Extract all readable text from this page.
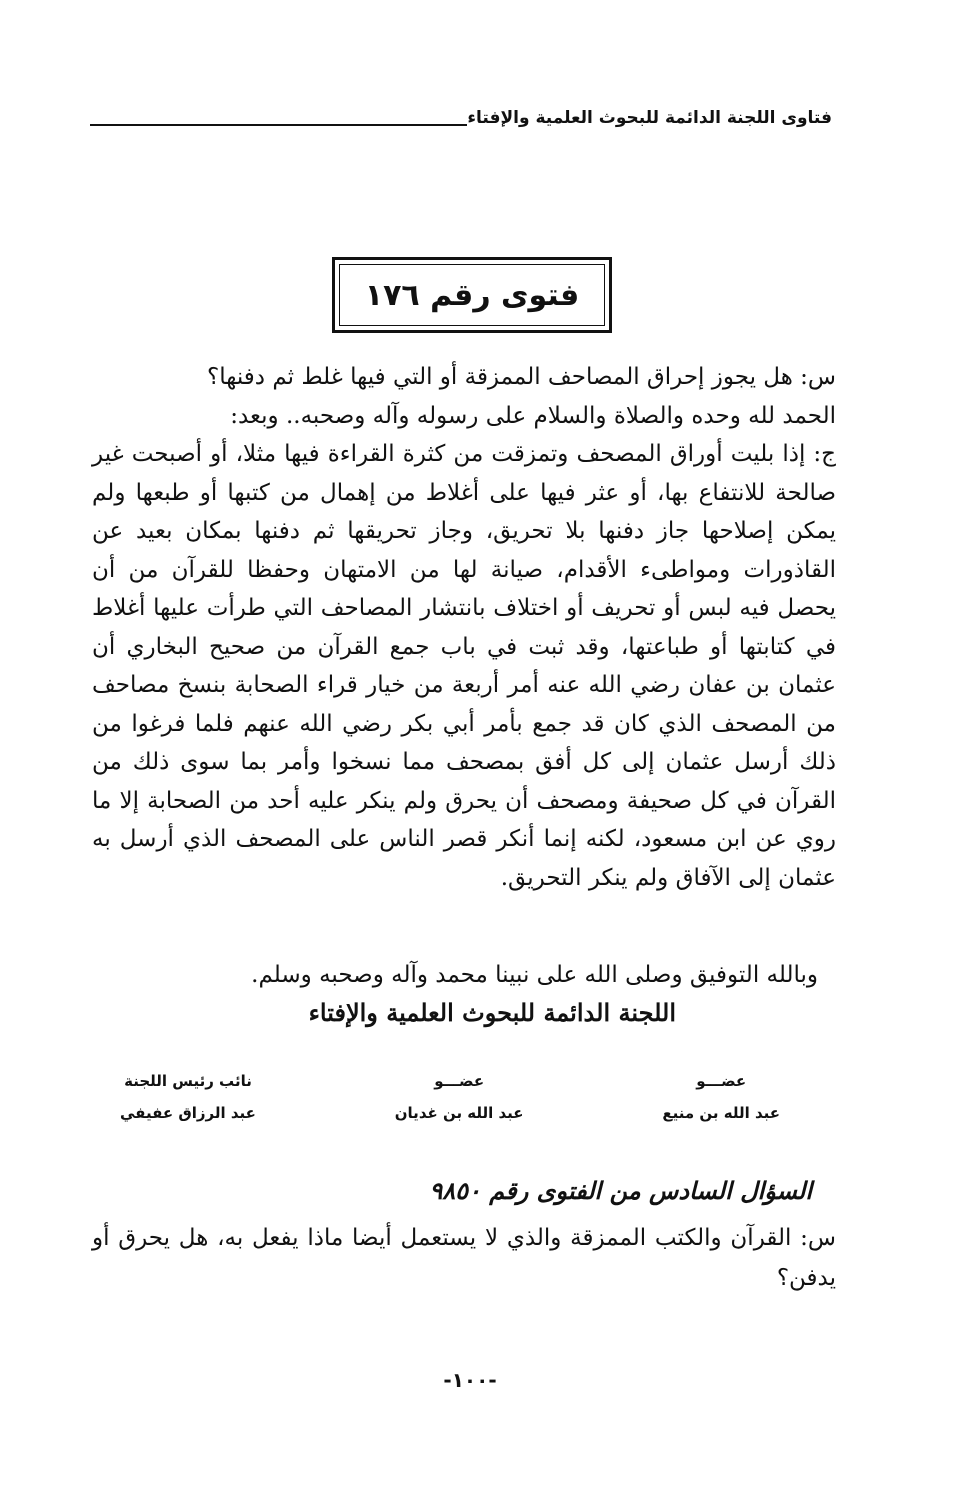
فتاوى اللجنة الدائمة للبحوث العلمية والإفتاء
فتوى رقم ١٧٦

س: هل يجوز إحراق المصاحف الممزقة أو التي فيها غلط ثم دفنها؟

الحمد لله وحده والصلاة والسلام على رسوله وآله وصحبه.. وبعد:

ج: إذا بليت أوراق المصحف وتمزقت من كثرة القراءة فيها مثلا، أو أصبحت غير صالحة للانتفاع بها، أو عثر فيها على أغلاط من إهمال من كتبها أو طبعها ولم يمكن إصلاحها جاز دفنها بلا تحريق، وجاز تحريقها ثم دفنها بمكان بعيد عن القاذورات ومواطىء الأقدام، صيانة لها من الامتهان وحفظا للقرآن من أن يحصل فيه لبس أو تحريف أو اختلاف بانتشار المصاحف التي طرأت عليها أغلاط في كتابتها أو طباعتها، وقد ثبت في باب جمع القرآن من صحيح البخاري أن عثمان بن عفان رضي الله عنه أمر أربعة من خيار قراء الصحابة بنسخ مصاحف من المصحف الذي كان قد جمع بأمر أبي بكر رضي الله عنهم فلما فرغوا من ذلك أرسل عثمان إلى كل أفق بمصحف مما نسخوا وأمر بما سوى ذلك من القرآن في كل صحيفة ومصحف أن يحرق ولم ينكر عليه أحد من الصحابة إلا ما روي عن ابن مسعود، لكنه إنما أنكر قصر الناس على المصحف الذي أرسل به عثمان إلى الآفاق ولم ينكر التحريق.

وبالله التوفيق وصلى الله على نبينا محمد وآله وصحبه وسلم.
اللجنة الدائمة للبحوث العلمية والإفتاء
عضـــو
عبد الله بن منيع
عضـــو
عبد الله بن غديان
نائب رئيس اللجنة
عبد الرزاق عفيفي
السؤال السادس من الفتوى رقم ٩٨٥٠
س: القرآن والكتب الممزقة والذي لا يستعمل أيضا ماذا يفعل به، هل يحرق أو يدفن؟
-١٠٠-
